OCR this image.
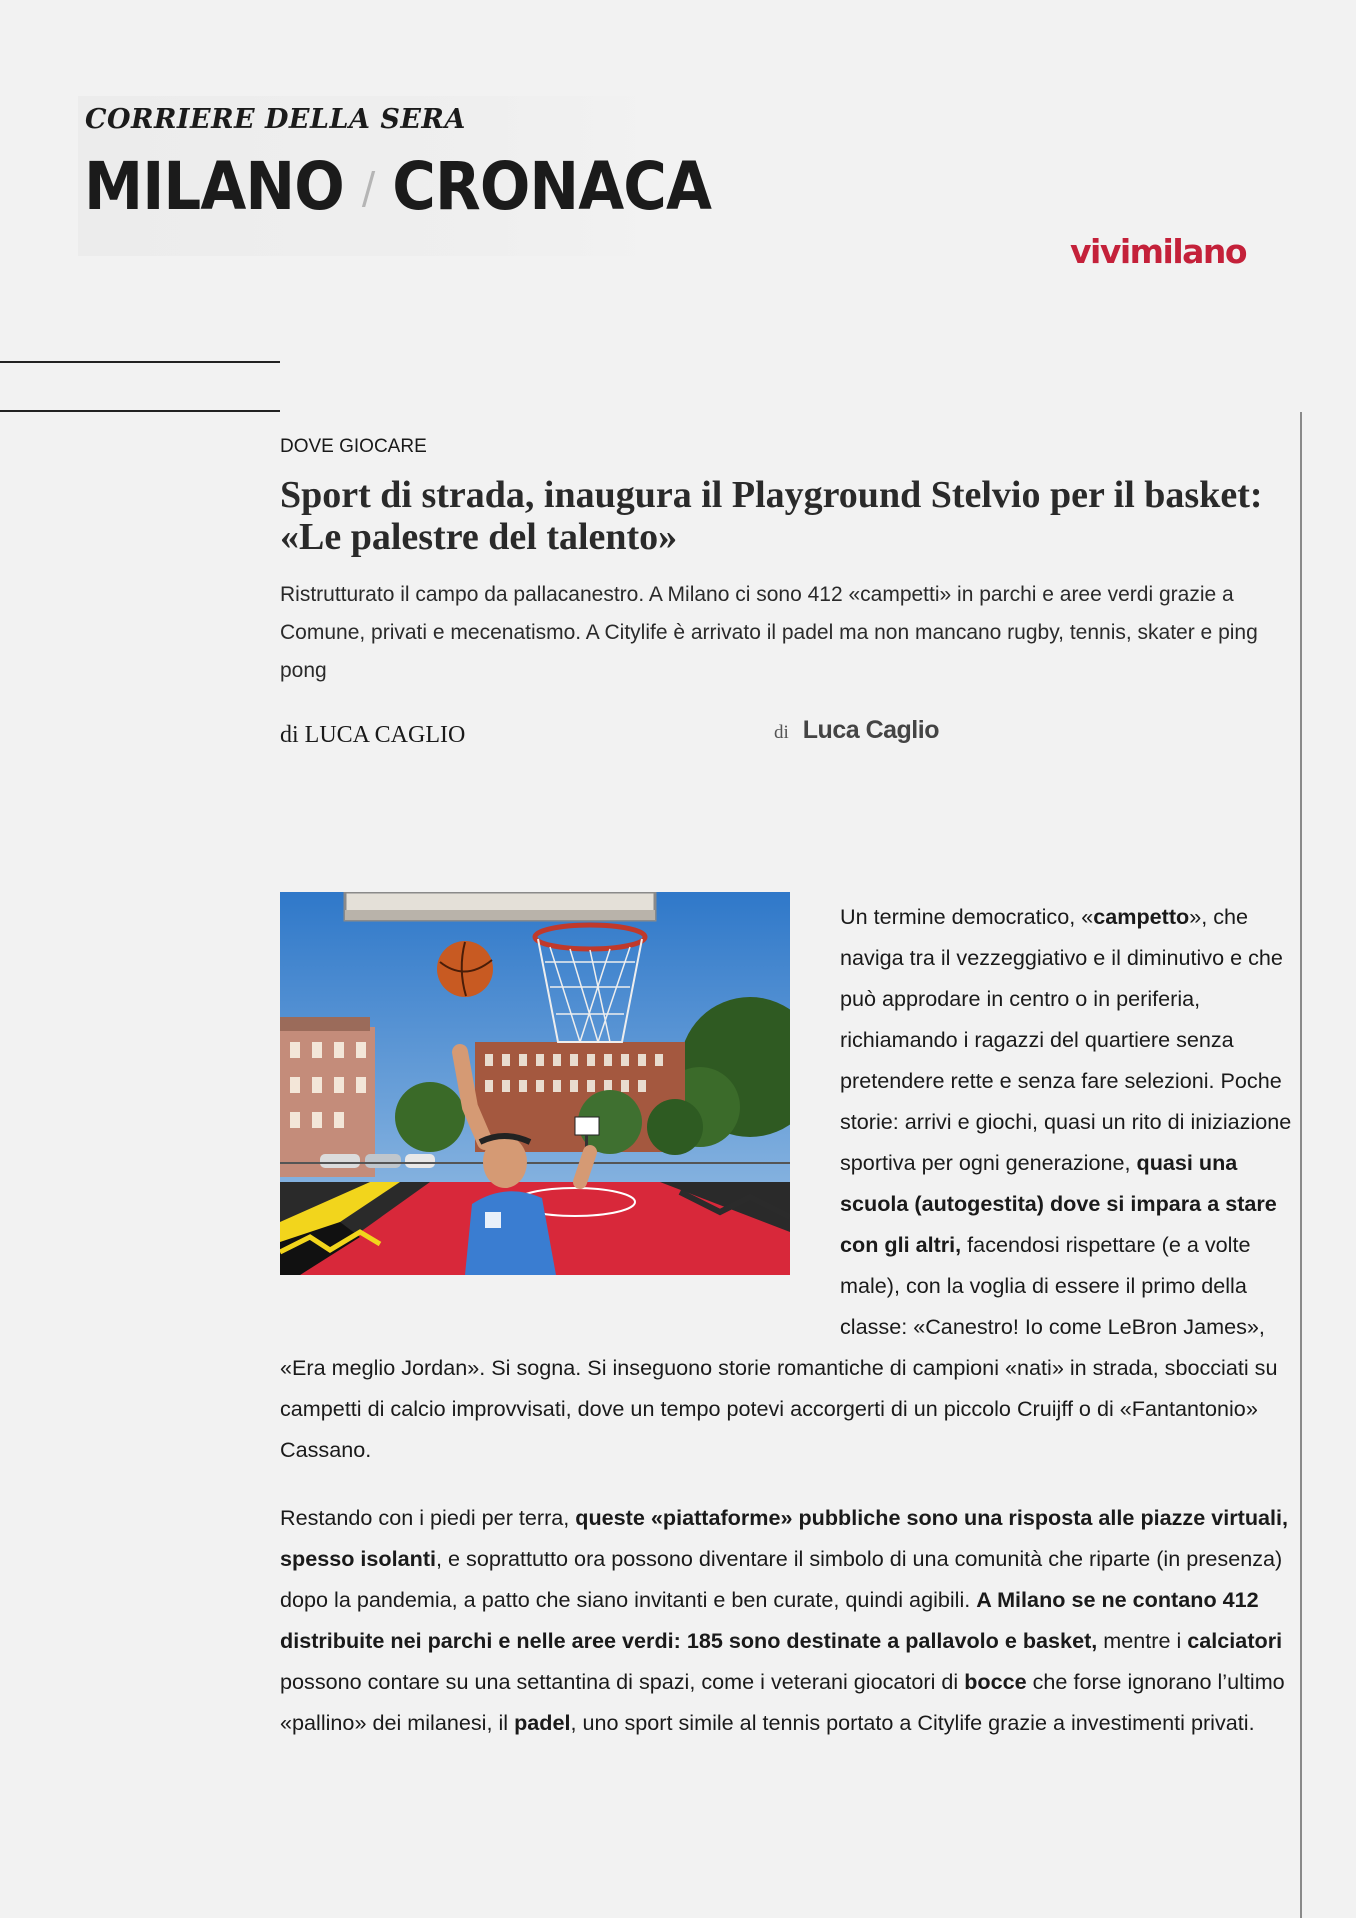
CORRIERE DELLA SERA
MILANO / CRONACA
vivimilano
DOVE GIOCARE
Sport di strada, inaugura il Playground Stelvio per il basket: «Le palestre del talento»

Ristrutturato il campo da pallacanestro. A Milano ci sono 412 «campetti» in parchi e aree verdi grazie a Comune, privati e mecenatismo. A Citylife è arrivato il padel ma non mancano rugby, tennis, skater e ping pong

di LUCA CAGLIO	di Luca Caglio

Un termine democratico, «campetto», che naviga tra il vezzeggiativo e il diminutivo e che può approdare in centro o in periferia, richiamando i ragazzi del quartiere senza pretendere rette e senza fare selezioni. Poche storie: arrivi e giochi, quasi un rito di iniziazione sportiva per ogni generazione, quasi una scuola (autogestita) dove si impara a stare con gli altri, facendosi rispettare (e a volte male), con la voglia di essere il primo della classe: «Canestro! Io come LeBron James», «Era meglio Jordan». Si sogna. Si inseguono storie romantiche di campioni «nati» in strada, sbocciati su campetti di calcio improvvisati, dove un tempo potevi accorgerti di un piccolo Cruijff o di «Fantantonio» Cassano.

Restando con i piedi per terra, queste «piattaforme» pubbliche sono una risposta alle piazze virtuali, spesso isolanti, e soprattutto ora possono diventare il simbolo di una comunità che riparte (in presenza) dopo la pandemia, a patto che siano invitanti e ben curate, quindi agibili. A Milano se ne contano 412 distribuite nei parchi e nelle aree verdi: 185 sono destinate a pallavolo e basket, mentre i calciatori possono contare su una settantina di spazi, come i veterani giocatori di bocce che forse ignorano l’ultimo «pallino» dei milanesi, il padel, uno sport simile al tennis portato a Citylife grazie a investimenti privati.
